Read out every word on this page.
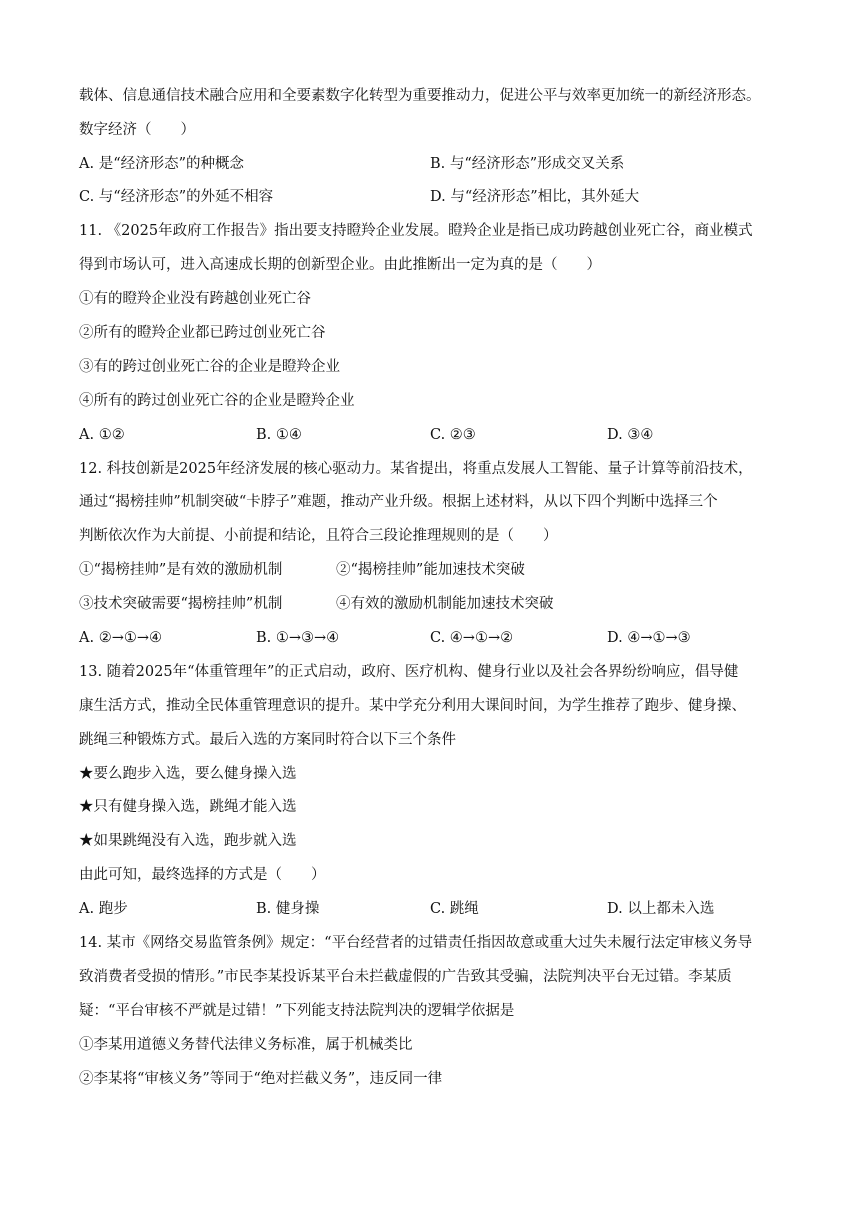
载体、信息通信技术融合应用和全要素数字化转型为重要推动力，促进公平与效率更加统一的新经济形态。
数字经济（　　）
A. 是“经济形态”的种概念	B. 与“经济形态”形成交叉关系
C. 与“经济形态”的外延不相容	D. 与“经济形态”相比，其外延大
11. 《2025年政府工作报告》指出要支持瞪羚企业发展。瞪羚企业是指已成功跨越创业死亡谷，商业模式
得到市场认可，进入高速成长期的创新型企业。由此推断出一定为真的是（　　）
①有的瞪羚企业没有跨越创业死亡谷
②所有的瞪羚企业都已跨过创业死亡谷
③有的跨过创业死亡谷的企业是瞪羚企业
④所有的跨过创业死亡谷的企业是瞪羚企业
A. ①②	B. ①④	C. ②③	D. ③④
12. 科技创新是2025年经济发展的核心驱动力。某省提出，将重点发展人工智能、量子计算等前沿技术，
通过“揭榜挂帅”机制突破“卡脖子”难题，推动产业升级。根据上述材料，从以下四个判断中选择三个
判断依次作为大前提、小前提和结论，且符合三段论推理规则的是（　　）
①“揭榜挂帅”是有效的激励机制	②“揭榜挂帅”能加速技术突破
③技术突破需要“揭榜挂帅”机制	④有效的激励机制能加速技术突破
A. ②→①→④	B. ①→③→④	C. ④→①→②	D. ④→①→③
13. 随着2025年“体重管理年”的正式启动，政府、医疗机构、健身行业以及社会各界纷纷响应，倡导健
康生活方式，推动全民体重管理意识的提升。某中学充分利用大课间时间，为学生推荐了跑步、健身操、
跳绳三种锻炼方式。最后入选的方案同时符合以下三个条件
★要么跑步入选，要么健身操入选
★只有健身操入选，跳绳才能入选
★如果跳绳没有入选，跑步就入选
由此可知，最终选择的方式是（　　）
A. 跑步	B. 健身操	C. 跳绳	D. 以上都未入选
14. 某市《网络交易监管条例》规定：“平台经营者的过错责任指因故意或重大过失未履行法定审核义务导
致消费者受损的情形。”市民李某投诉某平台未拦截虚假的广告致其受骗，法院判决平台无过错。李某质
疑：“平台审核不严就是过错！”下列能支持法院判决的逻辑学依据是
①李某用道德义务替代法律义务标准，属于机械类比
②李某将“审核义务”等同于“绝对拦截义务”，违反同一律
